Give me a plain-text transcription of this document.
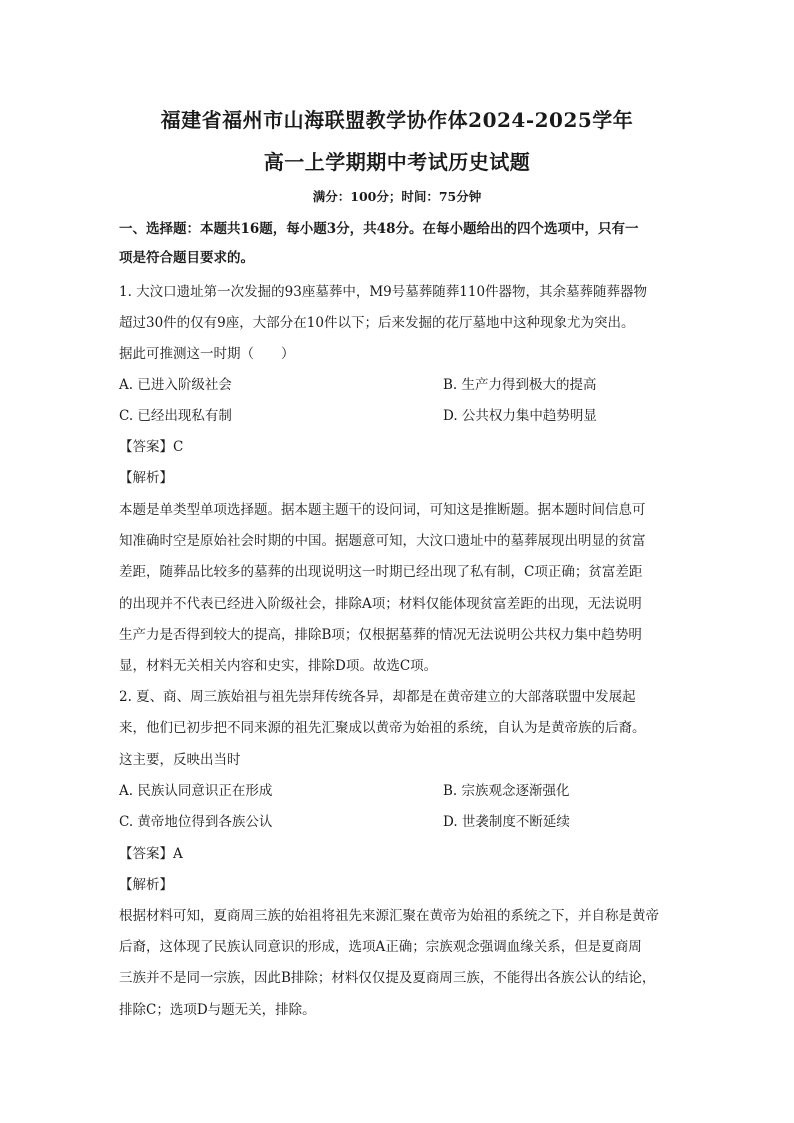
福建省福州市山海联盟教学协作体2024-2025学年
高一上学期期中考试历史试题
满分：100分；时间：75分钟
一、选择题：本题共16题，每小题3分，共48分。在每小题给出的四个选项中，只有一
项是符合题目要求的。
1. 大汶口遗址第一次发掘的93座墓葬中，M9号墓葬随葬110件器物，其余墓葬随葬器物
超过30件的仅有9座，大部分在10件以下；后来发掘的花厅墓地中这种现象尤为突出。
据此可推测这一时期（　　）
A. 已进入阶级社会	B. 生产力得到极大的提高
C. 已经出现私有制	D. 公共权力集中趋势明显
【答案】C
【解析】
本题是单类型单项选择题。据本题主题干的设问词，可知这是推断题。据本题时间信息可
知准确时空是原始社会时期的中国。据题意可知，大汶口遗址中的墓葬展现出明显的贫富
差距，随葬品比较多的墓葬的出现说明这一时期已经出现了私有制，C项正确；贫富差距
的出现并不代表已经进入阶级社会，排除A项；材料仅能体现贫富差距的出现，无法说明
生产力是否得到较大的提高，排除B项；仅根据墓葬的情况无法说明公共权力集中趋势明
显，材料无关相关内容和史实，排除D项。故选C项。
2. 夏、商、周三族始祖与祖先崇拜传统各异，却都是在黄帝建立的大部落联盟中发展起
来，他们已初步把不同来源的祖先汇聚成以黄帝为始祖的系统，自认为是黄帝族的后裔。
这主要，反映出当时
A. 民族认同意识正在形成	B. 宗族观念逐渐强化
C. 黄帝地位得到各族公认	D. 世袭制度不断延续
【答案】A
【解析】
根据材料可知，夏商周三族的始祖将祖先来源汇聚在黄帝为始祖的系统之下，并自称是黄帝
后裔，这体现了民族认同意识的形成，选项A正确；宗族观念强调血缘关系，但是夏商周
三族并不是同一宗族，因此B排除；材料仅仅提及夏商周三族，不能得出各族公认的结论，
排除C；选项D与题无关，排除。
